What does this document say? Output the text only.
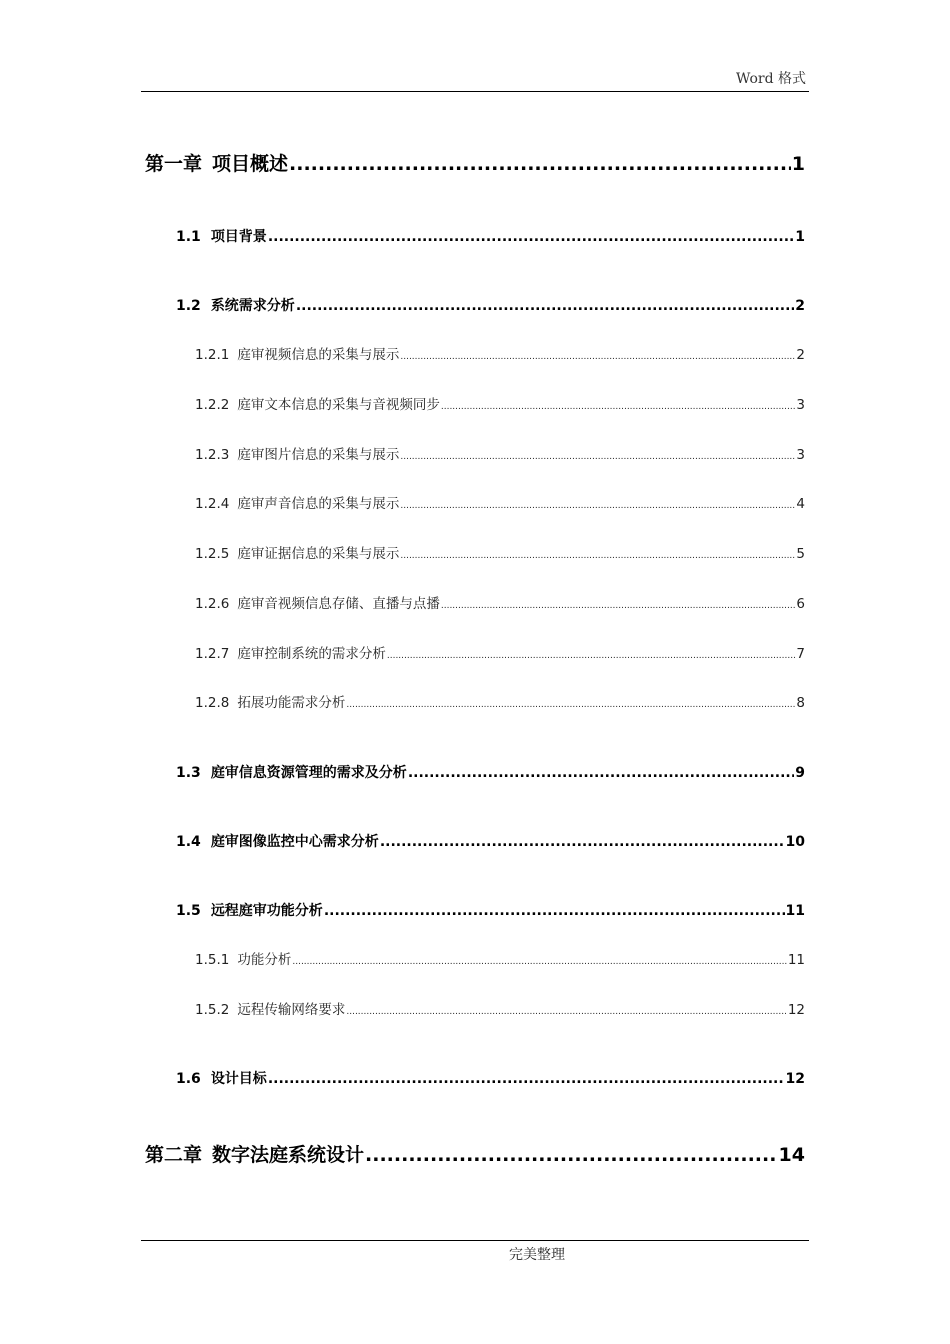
Word 格式
第一章 项目概述 .....	1
1.1 项目背景 .....	1
1.2 系统需求分析 .....	2
1.2.1 庭审视频信息的采集与展示 .....	2
1.2.2 庭审文本信息的采集与音视频同步 .....	3
1.2.3 庭审图片信息的采集与展示 .....	3
1.2.4 庭审声音信息的采集与展示 .....	4
1.2.5 庭审证据信息的采集与展示 .....	5
1.2.6 庭审音视频信息存储、直播与点播 .....	6
1.2.7 庭审控制系统的需求分析 .....	7
1.2.8 拓展功能需求分析 .....	8
1.3 庭审信息资源管理的需求及分析 .....	9
1.4 庭审图像监控中心需求分析 .....	10
1.5 远程庭审功能分析 .....	11
1.5.1 功能分析 .....	11
1.5.2 远程传输网络要求 .....	12
1.6 设计目标 .....	12
第二章 数字法庭系统设计 .....	14
完美整理
